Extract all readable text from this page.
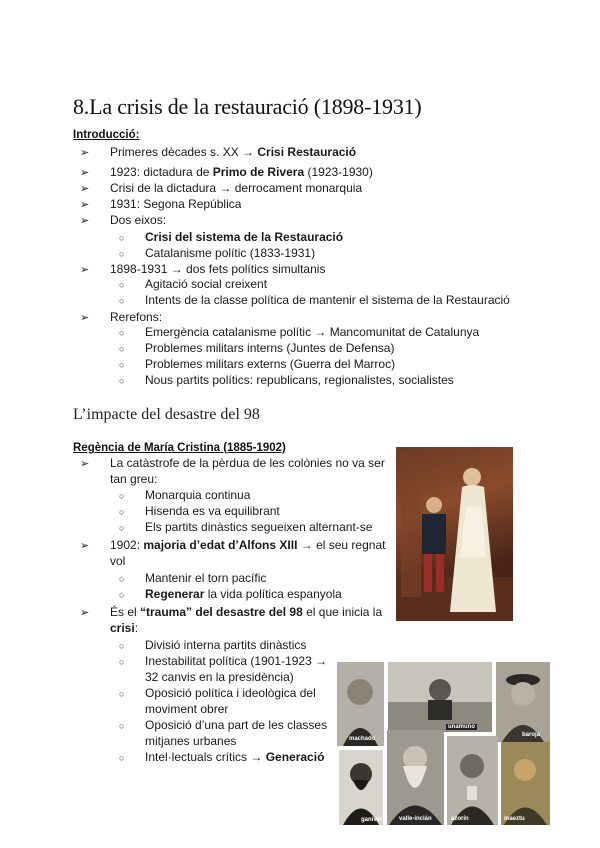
8.La crisis de la restauració (1898-1931)
Introducció:
➢ Primeres dècades s. XX → Crisi Restauració
➢ 1923: dictadura de Primo de Rivera (1923-1930)
➢ Crisi de la dictadura → derrocament monarquia
➢ 1931: Segona República
➢ Dos eixos:
○ Crisi del sistema de la Restauració
○ Catalanisme polític (1833-1931)
➢ 1898-1931 → dos fets polítics simultanis
○ Agitació social creixent
○ Intents de la classe política de mantenir el sistema de la Restauració
➢ Rerefons:
○ Emergència catalanisme polític → Mancomunitat de Catalunya
○ Problemes militars interns (Juntes de Defensa)
○ Problemes militars externs (Guerra del Marroc)
○ Nous partits polítics: republicans, regionalistes, socialistes
L’impacte del desastre del 98
Regència de María Cristina (1885-1902)
➢ La catàstrofe de la pèrdua de les colònies no va ser
tan greu:
○ Monarquia continua
○ Hisenda es va equilibrant
○ Els partits dinàstics segueixen alternant-se
➢ 1902: majoria d’edat d’Alfons XIII → el seu regnat
vol
○ Mantenir el torn pacífic
○ Regenerar la vida política espanyola
➢ És el “trauma” del desastre del 98 el que inicia la
crisi:
○ Divisió interna partits dinàstics
○ Inestabilitat política (1901-1923 →
32 canvis en la presidència)
○ Oposició política i ideològica del
moviment obrer
○ Oposició d’una part de les classes
mitjanes urbanes
○ Intel·lectuals crítics → Generació
machado
unamuno
baroja
ganivet	valle-inclán	azorín	maeztu
